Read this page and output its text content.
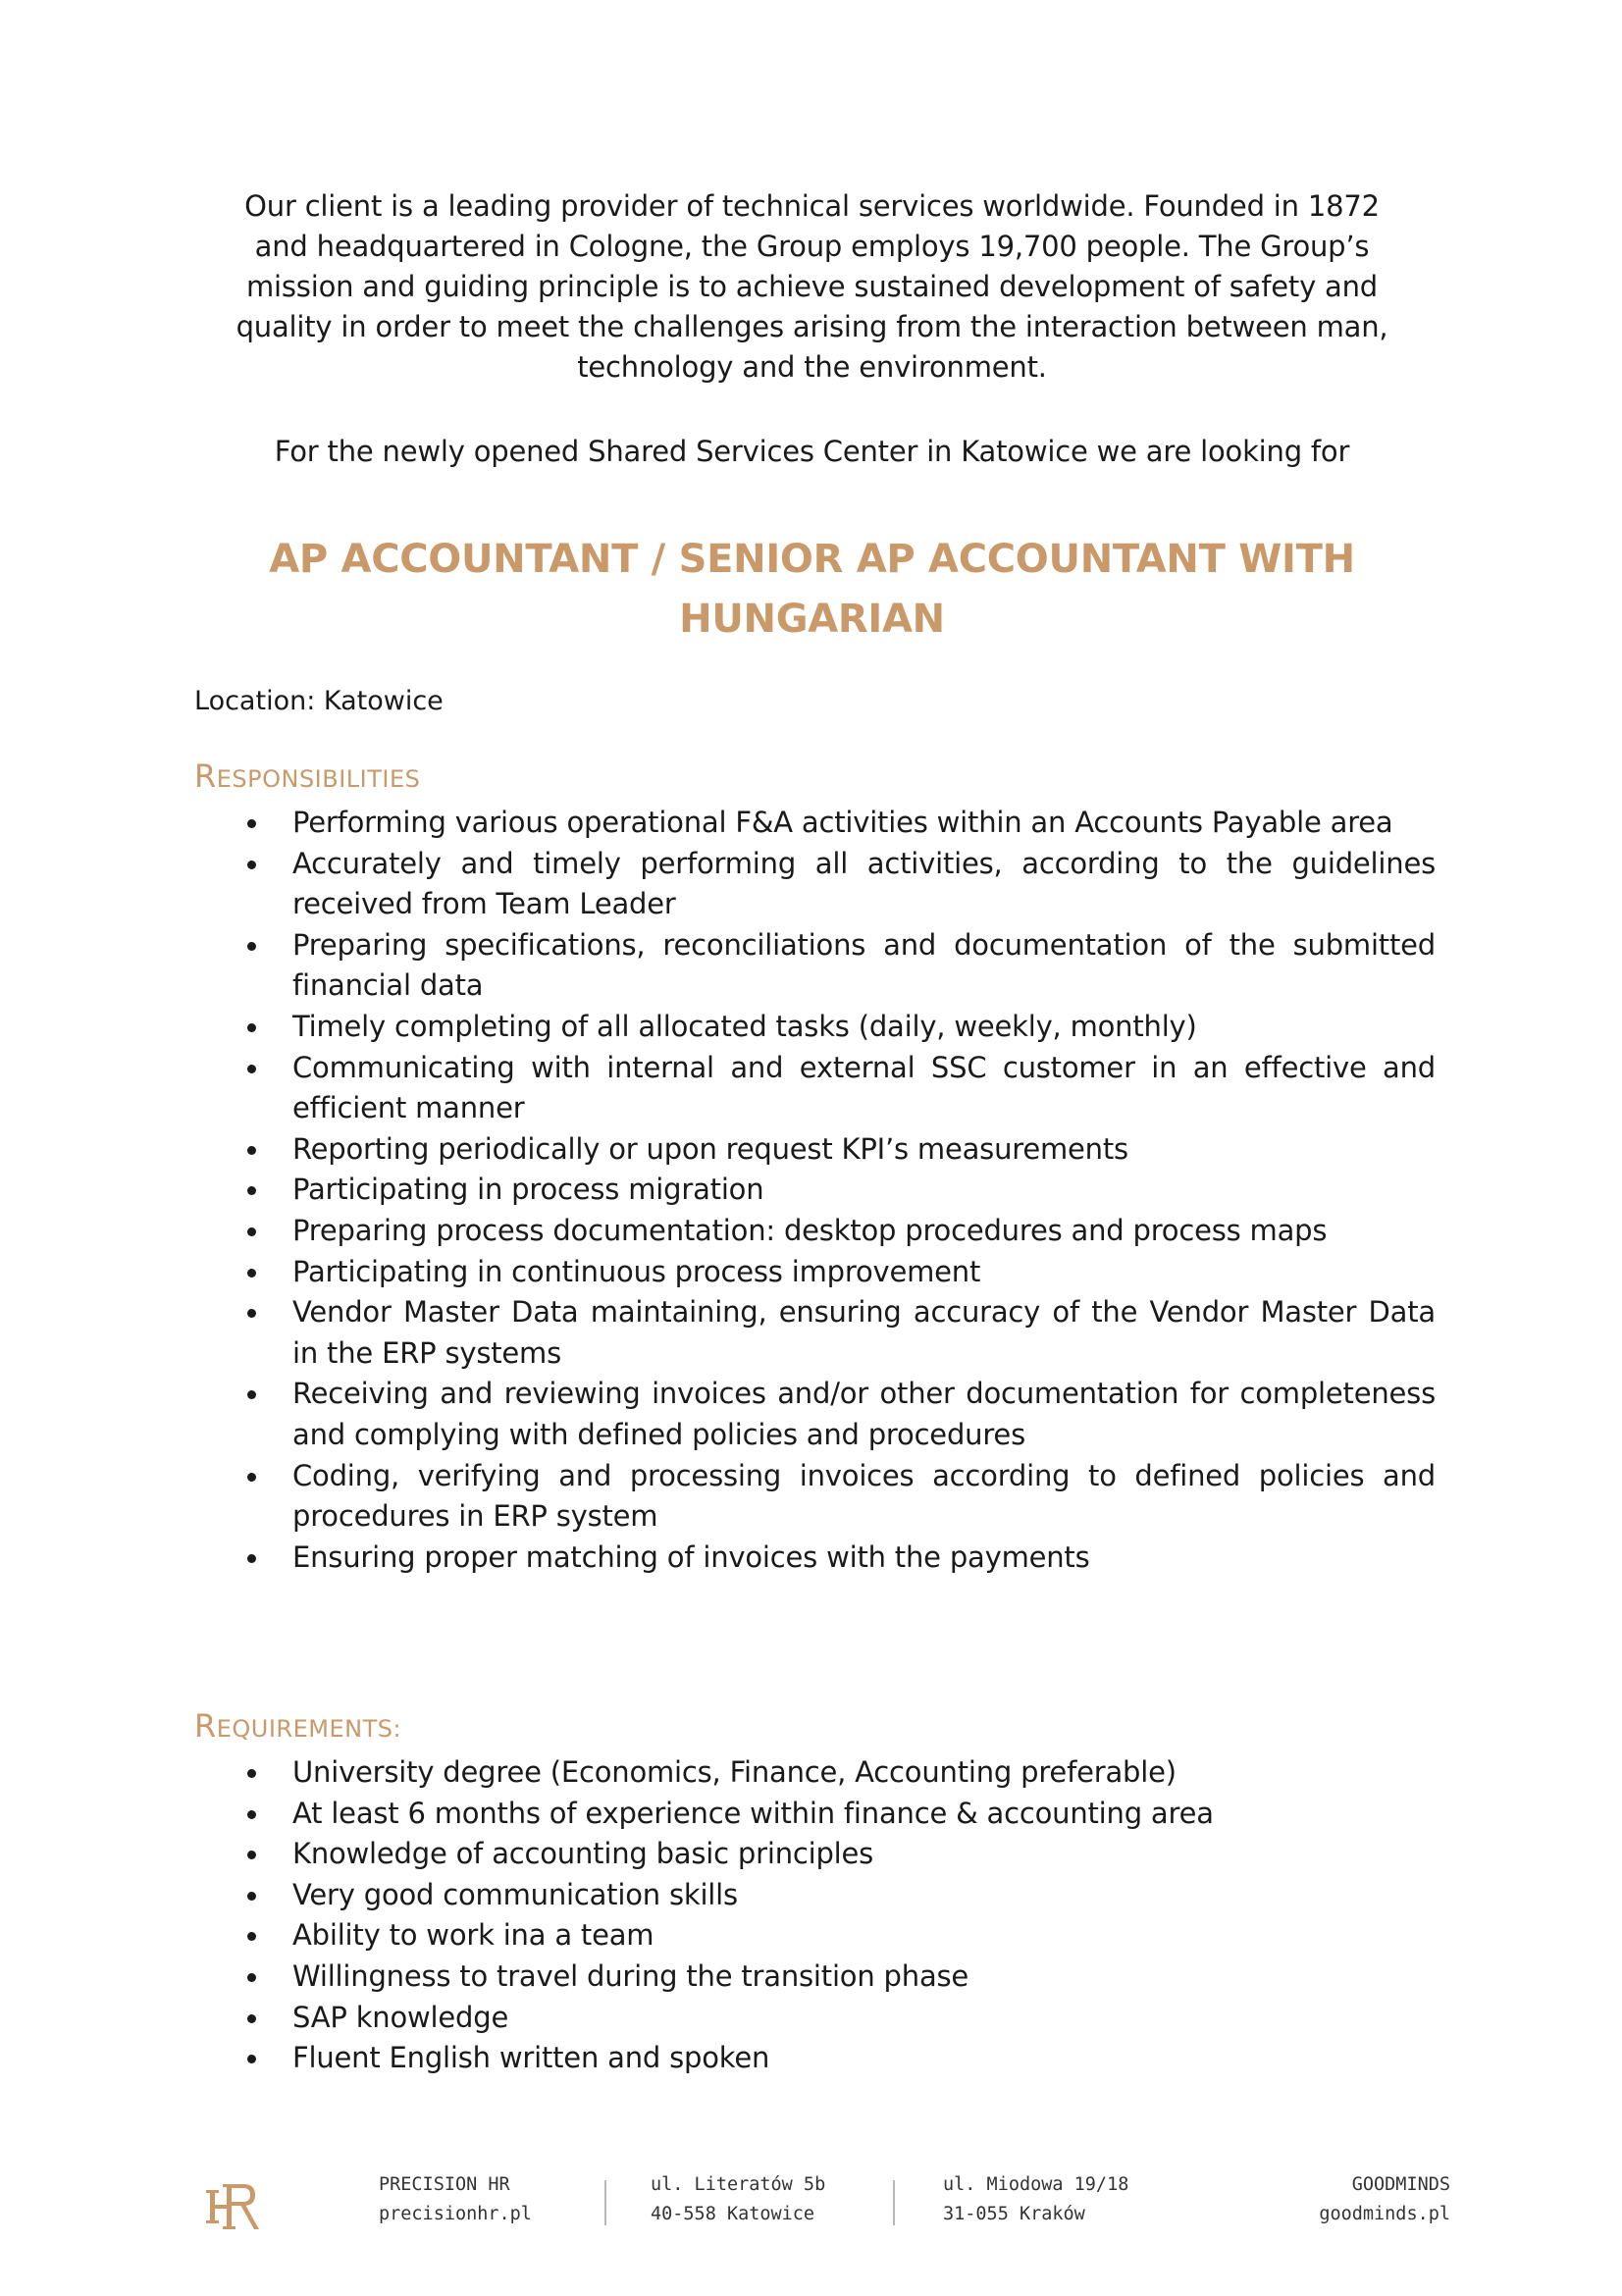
Our client is a leading provider of technical services worldwide. Founded in 1872 and headquartered in Cologne, the Group employs 19,700 people. The Group’s mission and guiding principle is to achieve sustained development of safety and quality in order to meet the challenges arising from the interaction between man, technology and the environment.
For the newly opened Shared Services Center in Katowice we are looking for
AP ACCOUNTANT / SENIOR AP ACCOUNTANT WITH HUNGARIAN
Location: Katowice
RESPONSIBILITIES
Performing various operational F&A activities within an Accounts Payable area
Accurately and timely performing all activities, according to the guidelines received from Team Leader
Preparing specifications, reconciliations and documentation of the submitted financial data
Timely completing of all allocated tasks (daily, weekly, monthly)
Communicating with internal and external SSC customer in an effective and efficient manner
Reporting periodically or upon request KPI’s measurements
Participating in process migration
Preparing process documentation: desktop procedures and process maps
Participating in continuous process improvement
Vendor Master Data maintaining, ensuring accuracy of the Vendor Master Data in the ERP systems
Receiving and reviewing invoices and/or other documentation for completeness and complying with defined policies and procedures
Coding, verifying and processing invoices according to defined policies and procedures in ERP system
Ensuring proper matching of invoices with the payments
REQUIREMENTS:
University degree (Economics, Finance, Accounting preferable)
At least 6 months of experience within finance & accounting area
Knowledge of accounting basic principles
Very good communication skills
Ability to work ina a team
Willingness to travel during the transition phase
SAP knowledge
Fluent English written and spoken
PRECISION HR
precisionhr.pl
ul. Literatów 5b
40-558 Katowice
ul. Miodowa 19/18
31-055 Kraków
GOODMINDS
goodminds.pl
